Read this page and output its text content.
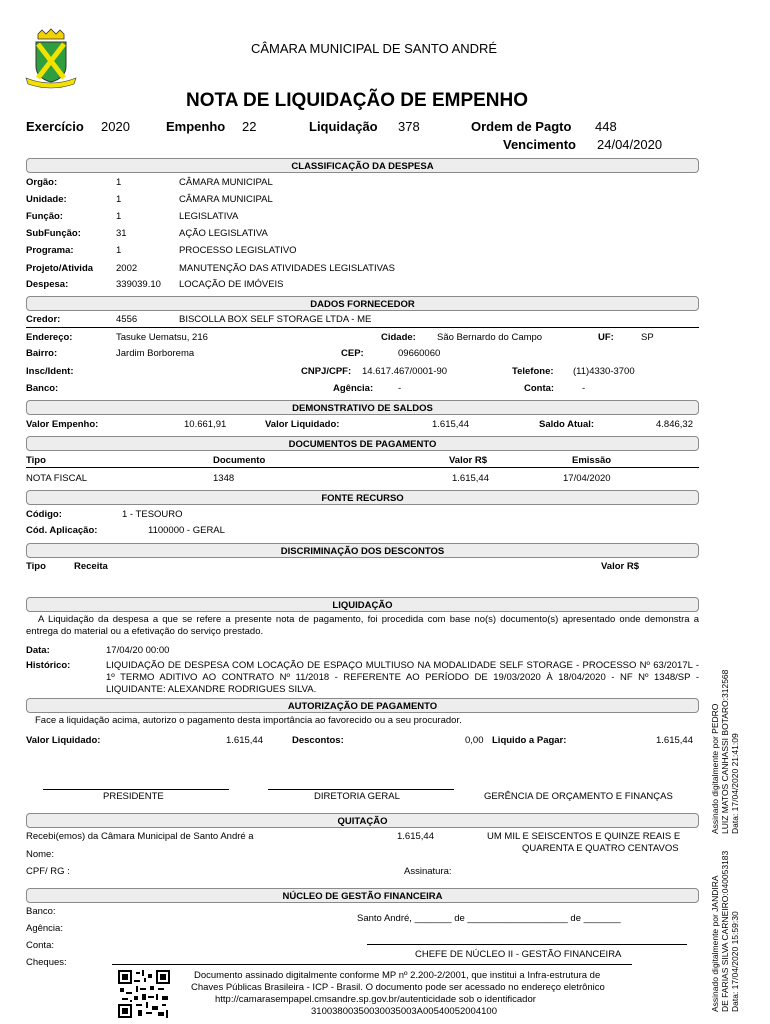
CÂMARA MUNICIPAL DE SANTO ANDRÉ
NOTA DE LIQUIDAÇÃO DE EMPENHO
Exercício 2020	Empenho 22	Liquidação 378	Ordem de Pagto 448
Vencimento 24/04/2020
CLASSIFICAÇÃO DA DESPESA
Orgão:	1	CÂMARA MUNICIPAL
Unidade:	1	CÂMARA MUNICIPAL
Função:	1	LEGISLATIVA
SubFunção:	31	AÇÃO LEGISLATIVA
Programa:	1	PROCESSO LEGISLATIVO
Projeto/Ativida 2002	MANUTENÇÃO DAS ATIVIDADES LEGISLATIVAS
Despesa:	339039.10 LOCAÇÃO DE IMÓVEIS
DADOS FORNECEDOR
Credor:	4556	BISCOLLA BOX SELF STORAGE LTDA - ME
Endereço:	Tasuke Uematsu, 216	Cidade: São Bernardo do Campo	UF:	SP
Bairro:	Jardim Borborema	CEP:	09660060
Insc/Ident:	CNPJ/CPF: 14.617.467/0001-90	Telefone: (11)4330-3700
Banco:	Agência:	-	Conta:	-
DEMONSTRATIVO DE SALDOS
Valor Empenho:	10.661,91	Valor Liquidado:	1.615,44	Saldo Atual:	4.846,32
DOCUMENTOS DE PAGAMENTO
Tipo	Documento	Valor R$	Emissão
NOTA FISCAL	1348	1.615,44	17/04/2020
FONTE RECURSO
Código:	1 - TESOURO
Cód. Aplicação:	1100000 - GERAL
DISCRIMINAÇÃO DOS DESCONTOS
Tipo	Receita	Valor R$
LIQUIDAÇÃO
A Liquidação da despesa a que se refere a presente nota de pagamento, foi procedida com base no(s) documento(s) apresentado onde demonstra a entrega do material ou a efetivação do serviço prestado.
Data:	17/04/20 00:00
Histórico:	LIQUIDAÇÃO DE DESPESA COM LOCAÇÃO DE ESPAÇO MULTIUSO NA MODALIDADE SELF STORAGE - PROCESSO Nº 63/2017L - 1º TERMO ADITIVO AO CONTRATO Nº 11/2018 - REFERENTE AO PERÍODO DE 19/03/2020 À 18/04/2020 - NF Nº 1348/SP - LIQUIDANTE: ALEXANDRE RODRIGUES SILVA.
AUTORIZAÇÃO DE PAGAMENTO
Face a liquidação acima, autorizo o pagamento desta importância ao favorecido ou a seu procurador.
Valor Liquidado:	1.615,44	Descontos:	0,00 Liquido a Pagar:	1.615,44
PRESIDENTE	DIRETORIA GERAL	GERÊNCIA DE ORÇAMENTO E FINANÇAS
QUITAÇÃO
Recebi(emos) da Câmara Municipal de Santo André a	1.615,44	UM MIL E SEISCENTOS E QUINZE REAIS E
QUARENTA E QUATRO CENTAVOS
Nome:
CPF/ RG :	Assinatura:
NÚCLEO DE GESTÃO FINANCEIRA
Banco:
Santo André, _______ de ___________________ de _______
Agência:
Conta:
CHEFE DE NÚCLEO II - GESTÃO FINANCEIRA
Cheques:
Documento assinado digitalmente conforme MP nº 2.200-2/2001, que institui a Infra-estrutura de
Chaves Públicas Brasileira - ICP - Brasil. O documento pode ser acessado no endereço eletrônico
http://camarasempapel.cmsandre.sp.gov.br/autenticidade sob o identificador
31003800350030035003A00540052004100
Assinado digitalmente por PEDRO LUIZ MATOS CANHASSI BOTARO:312568 Data: 17/04/2020 21:41:09
Assinado digitalmente por JANDIRA DE FARIAS SILVA CARNEIRO:040053183 Data: 17/04/2020 15:59:30
